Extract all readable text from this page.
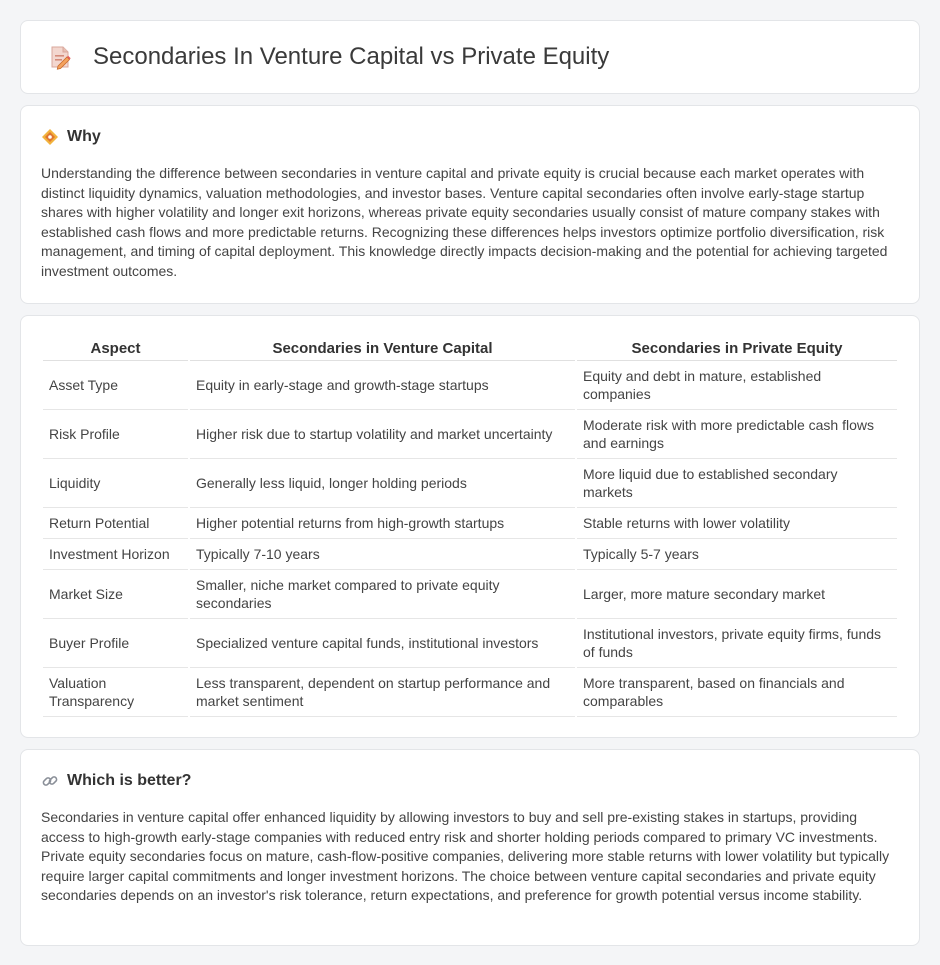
Secondaries In Venture Capital vs Private Equity
Why

Understanding the difference between secondaries in venture capital and private equity is crucial because each market operates with distinct liquidity dynamics, valuation methodologies, and investor bases. Venture capital secondaries often involve early-stage startup shares with higher volatility and longer exit horizons, whereas private equity secondaries usually consist of mature company stakes with established cash flows and more predictable returns. Recognizing these differences helps investors optimize portfolio diversification, risk management, and timing of capital deployment. This knowledge directly impacts decision-making and the potential for achieving targeted investment outcomes.

Aspect	Secondaries in Venture Capital	Secondaries in Private Equity
Asset Type	Equity in early-stage and growth-stage startups	Equity and debt in mature, established companies
Risk Profile	Higher risk due to startup volatility and market uncertainty	Moderate risk with more predictable cash flows and earnings
Liquidity	Generally less liquid, longer holding periods	More liquid due to established secondary markets
Return Potential	Higher potential returns from high-growth startups	Stable returns with lower volatility
Investment Horizon	Typically 7-10 years	Typically 5-7 years
Market Size	Smaller, niche market compared to private equity secondaries	Larger, more mature secondary market
Buyer Profile	Specialized venture capital funds, institutional investors	Institutional investors, private equity firms, funds of funds
Valuation Transparency	Less transparent, dependent on startup performance and market sentiment	More transparent, based on financials and comparables
Which is better?

Secondaries in venture capital offer enhanced liquidity by allowing investors to buy and sell pre-existing stakes in startups, providing access to high-growth early-stage companies with reduced entry risk and shorter holding periods compared to primary VC investments. Private equity secondaries focus on mature, cash-flow-positive companies, delivering more stable returns with lower volatility but typically require larger capital commitments and longer investment horizons. The choice between venture capital secondaries and private equity secondaries depends on an investor's risk tolerance, return expectations, and preference for growth potential versus income stability.
